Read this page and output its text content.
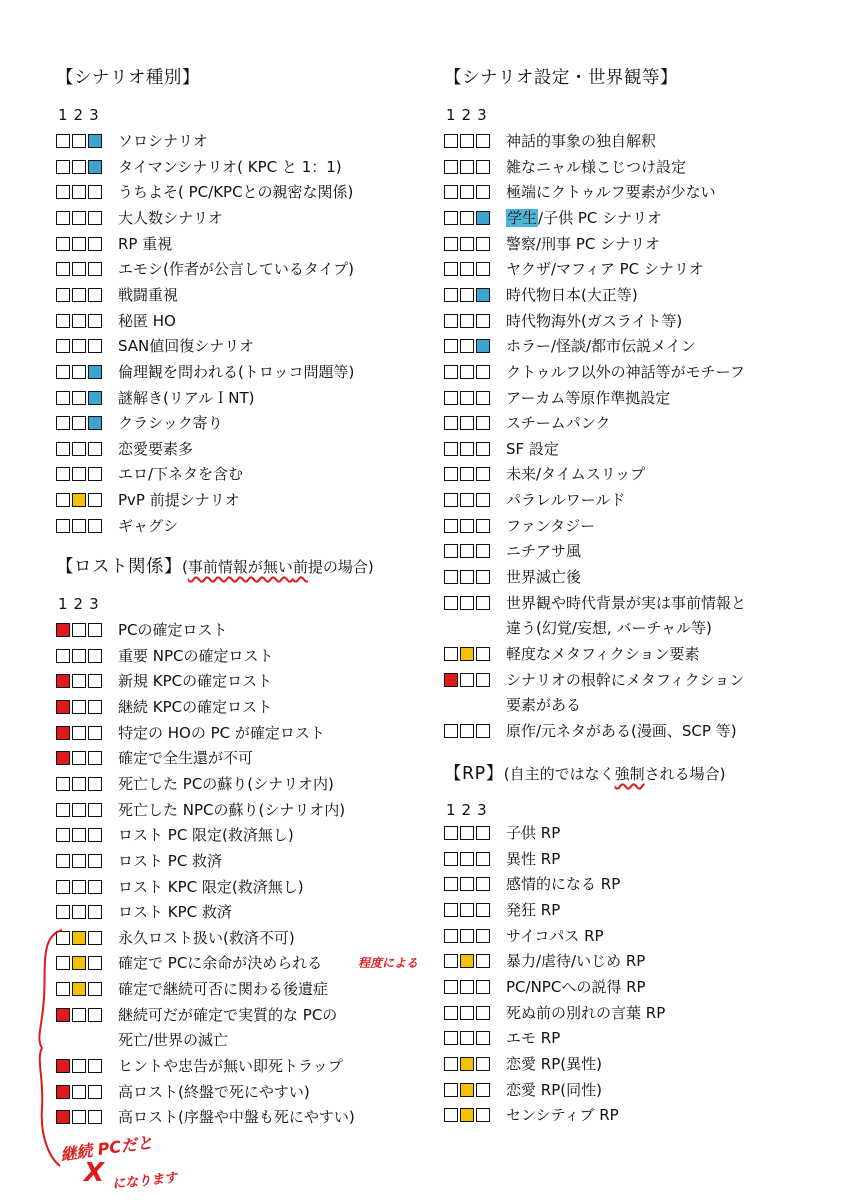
【シナリオ種別】
123
ソロシナリオ
タイマンシナリオ( KPC と 1：1)
うちよそ( PC/KPCとの親密な関係)
大人数シナリオ
RP 重視
エモシ(作者が公言しているタイプ)
戦闘重視
秘匿 HO
SAN値回復シナリオ
倫理観を問われる(トロッコ問題等)
謎解き(リアルＩNT)
クラシック寄り
恋愛要素多
エロ/下ネタを含む
PvP 前提シナリオ
ギャグシ
【ロスト関係】(事前情報が無い前提の場合)
123
PCの確定ロスト
重要 NPCの確定ロスト
新規 KPCの確定ロスト
継続 KPCの確定ロスト
特定の HOの PC が確定ロスト
確定で全生還が不可
死亡した PCの蘇り(シナリオ内)
死亡した NPCの蘇り(シナリオ内)
ロスト PC 限定(救済無し)
ロスト PC 救済
ロスト KPC 限定(救済無し)
ロスト KPC 救済
永久ロスト扱い(救済不可)
確定で PCに余命が決められる
確定で継続可否に関わる後遺症
継続可だが確定で実質的な PCの
死亡/世界の滅亡
ヒントや忠告が無い即死トラップ
高ロスト(終盤で死にやすい)
高ロスト(序盤や中盤も死にやすい)
【シナリオ設定・世界観等】
123
神話的事象の独自解釈
雑なニャル様こじつけ設定
極端にクトゥルフ要素が少ない
学生/子供 PC シナリオ
警察/刑事 PC シナリオ
ヤクザ/マフィア PC シナリオ
時代物日本(大正等)
時代物海外(ガスライト等)
ホラー/怪談/都市伝説メイン
クトゥルフ以外の神話等がモチーフ
アーカム等原作準拠設定
スチームパンク
SF 設定
未来/タイムスリップ
パラレルワールド
ファンタジー
ニチアサ風
世界滅亡後
世界観や時代背景が実は事前情報と
違う(幻覚/妄想, バーチャル等)
軽度なメタフィクション要素
シナリオの根幹にメタフィクション
要素がある
原作/元ネタがある(漫画、SCP 等)
【RP】(自主的ではなく強制される場合)
123
子供 RP
異性 RP
感情的になる RP
発狂 RP
サイコパス RP
暴力/虐待/いじめ RP
PC/NPCへの説得 RP
死ぬ前の別れの言葉 RP
エモ RP
恋愛 RP(異性)
恋愛 RP(同性)
センシティブ RP
程度による
継続 PCだと
X になります
